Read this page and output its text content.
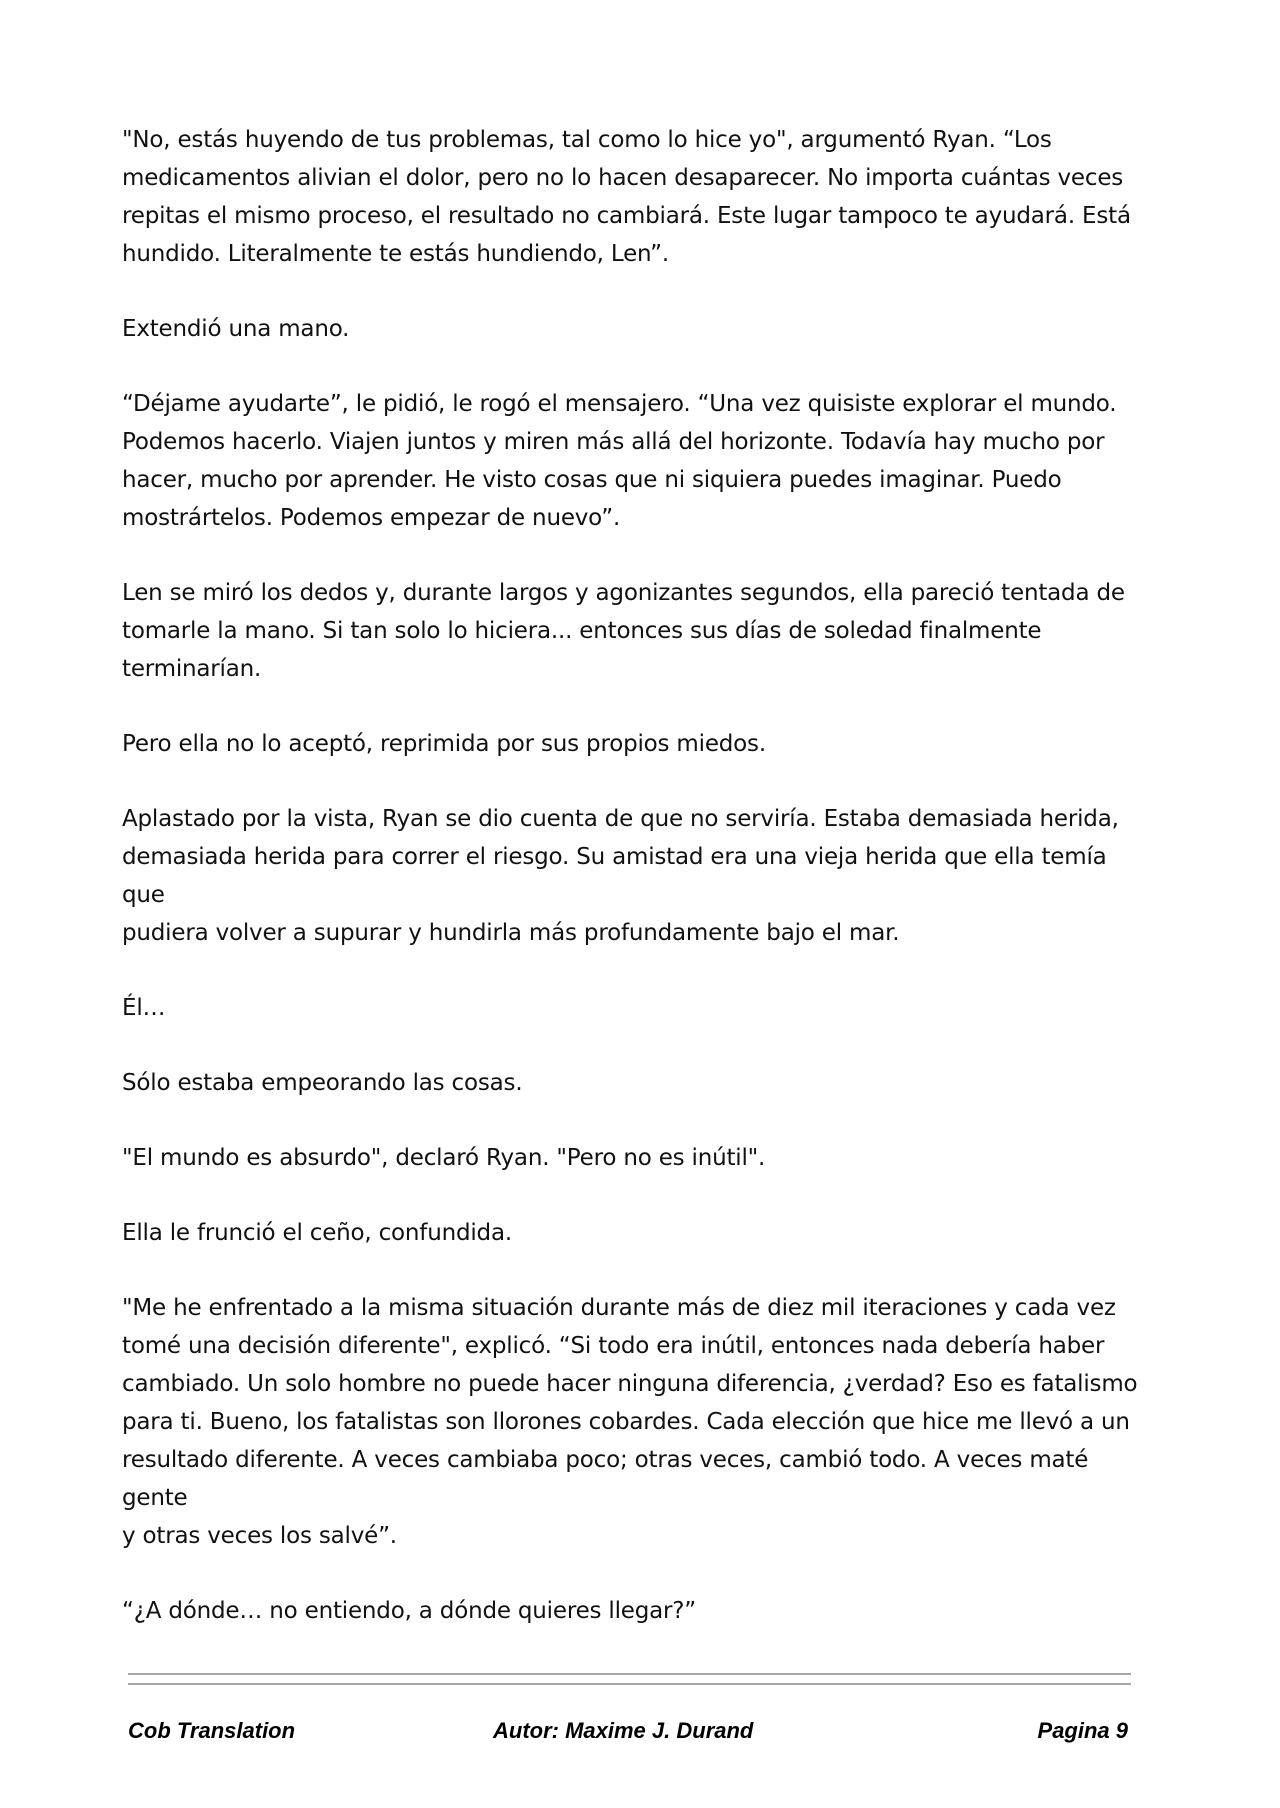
"No, estás huyendo de tus problemas, tal como lo hice yo", argumentó Ryan. “Los
medicamentos alivian el dolor, pero no lo hacen desaparecer. No importa cuántas veces
repitas el mismo proceso, el resultado no cambiará. Este lugar tampoco te ayudará. Está
hundido. Literalmente te estás hundiendo, Len”.

Extendió una mano.

“Déjame ayudarte”, le pidió, le rogó el mensajero. “Una vez quisiste explorar el mundo.
Podemos hacerlo. Viajen juntos y miren más allá del horizonte. Todavía hay mucho por
hacer, mucho por aprender. He visto cosas que ni siquiera puedes imaginar. Puedo
mostrártelos. Podemos empezar de nuevo”.

Len se miró los dedos y, durante largos y agonizantes segundos, ella pareció tentada de
tomarle la mano. Si tan solo lo hiciera... entonces sus días de soledad finalmente
terminarían.

Pero ella no lo aceptó, reprimida por sus propios miedos.

Aplastado por la vista, Ryan se dio cuenta de que no serviría. Estaba demasiada herida,
demasiada herida para correr el riesgo. Su amistad era una vieja herida que ella temía que
pudiera volver a supurar y hundirla más profundamente bajo el mar.

Él…

Sólo estaba empeorando las cosas.

"El mundo es absurdo", declaró Ryan. "Pero no es inútil".

Ella le frunció el ceño, confundida.

"Me he enfrentado a la misma situación durante más de diez mil iteraciones y cada vez
tomé una decisión diferente", explicó. “Si todo era inútil, entonces nada debería haber
cambiado. Un solo hombre no puede hacer ninguna diferencia, ¿verdad? Eso es fatalismo
para ti. Bueno, los fatalistas son llorones cobardes. Cada elección que hice me llevó a un
resultado diferente. A veces cambiaba poco; otras veces, cambió todo. A veces maté gente
y otras veces los salvé”.

“¿A dónde… no entiendo, a dónde quieres llegar?”

Cob Translation	Autor: Maxime J. Durand	Pagina 9
